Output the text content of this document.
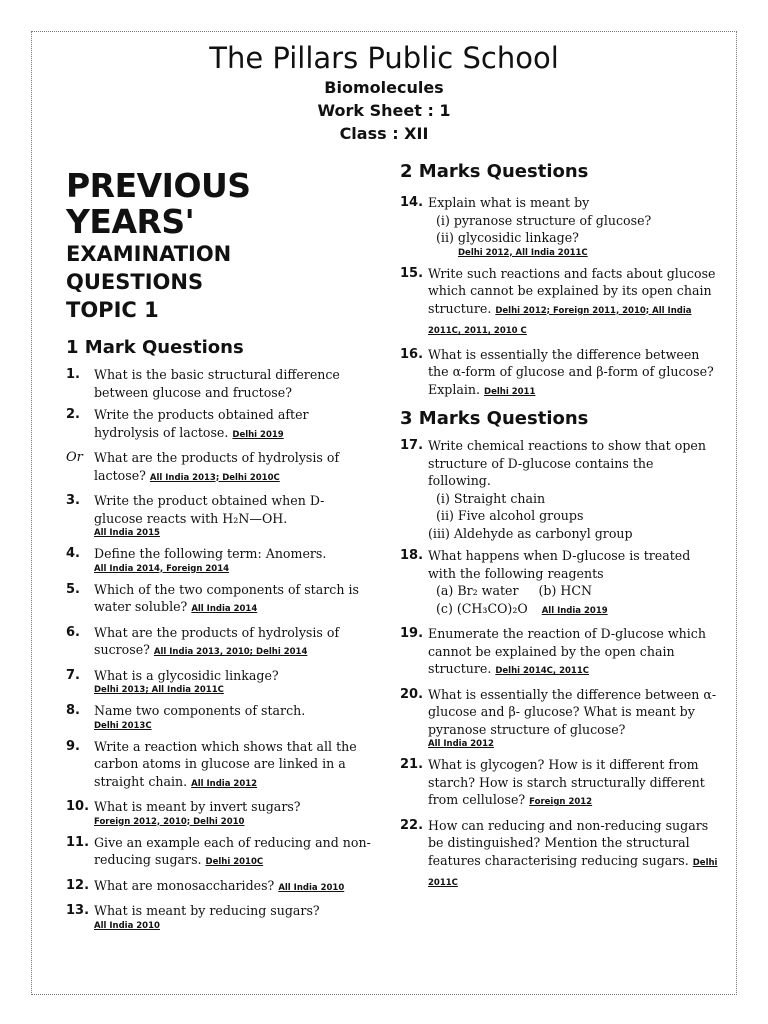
The Pillars Public School
Biomolecules
Work Sheet : 1
Class : XII
PREVIOUS YEARS'
EXAMINATION QUESTIONS
TOPIC 1
1 Mark Questions
1. What is the basic structural difference between glucose and fructose?
2. Write the products obtained after hydrolysis of lactose. Delhi 2019
Or What are the products of hydrolysis of lactose? All India 2013; Delhi 2010C
3. Write the product obtained when D-glucose reacts with H₂N—OH.
All India 2015
4. Define the following term: Anomers.
All India 2014, Foreign 2014
5. Which of the two components of starch is water soluble? All India 2014
6. What are the products of hydrolysis of sucrose? All India 2013, 2010; Delhi 2014
7. What is a glycosidic linkage?
Delhi 2013; All India 2011C
8. Name two components of starch.
Delhi 2013C
9. Write a reaction which shows that all the carbon atoms in glucose are linked in a straight chain. All India 2012
10. What is meant by invert sugars?
Foreign 2012, 2010; Delhi 2010
11. Give an example each of reducing and non-reducing sugars. Delhi 2010C
12. What are monosaccharides? All India 2010
13. What is meant by reducing sugars?
All India 2010
2 Marks Questions
14. Explain what is meant by
(i) pyranose structure of glucose?
(ii) glycosidic linkage?
Delhi 2012, All India 2011C
15. Write such reactions and facts about glucose which cannot be explained by its open chain structure. Delhi 2012; Foreign 2011, 2010; All India 2011C, 2011, 2010 C
16. What is essentially the difference between the α-form of glucose and β-form of glucose? Explain. Delhi 2011
3 Marks Questions
17. Write chemical reactions to show that open structure of D-glucose contains the following.
(i) Straight chain
(ii) Five alcohol groups
(iii) Aldehyde as carbonyl group
18. What happens when D-glucose is treated with the following reagents
(a) Br₂ water     (b) HCN
(c) (CH₃CO)₂O All India 2019
19. Enumerate the reaction of D-glucose which cannot be explained by the open chain structure. Delhi 2014C, 2011C
20. What is essentially the difference between α- glucose and β- glucose? What is meant by pyranose structure of glucose?
All India 2012
21. What is glycogen? How is it different from starch? How is starch structurally different from cellulose? Foreign 2012
22. How can reducing and non-reducing sugars be distinguished? Mention the structural features characterising reducing sugars. Delhi 2011C
